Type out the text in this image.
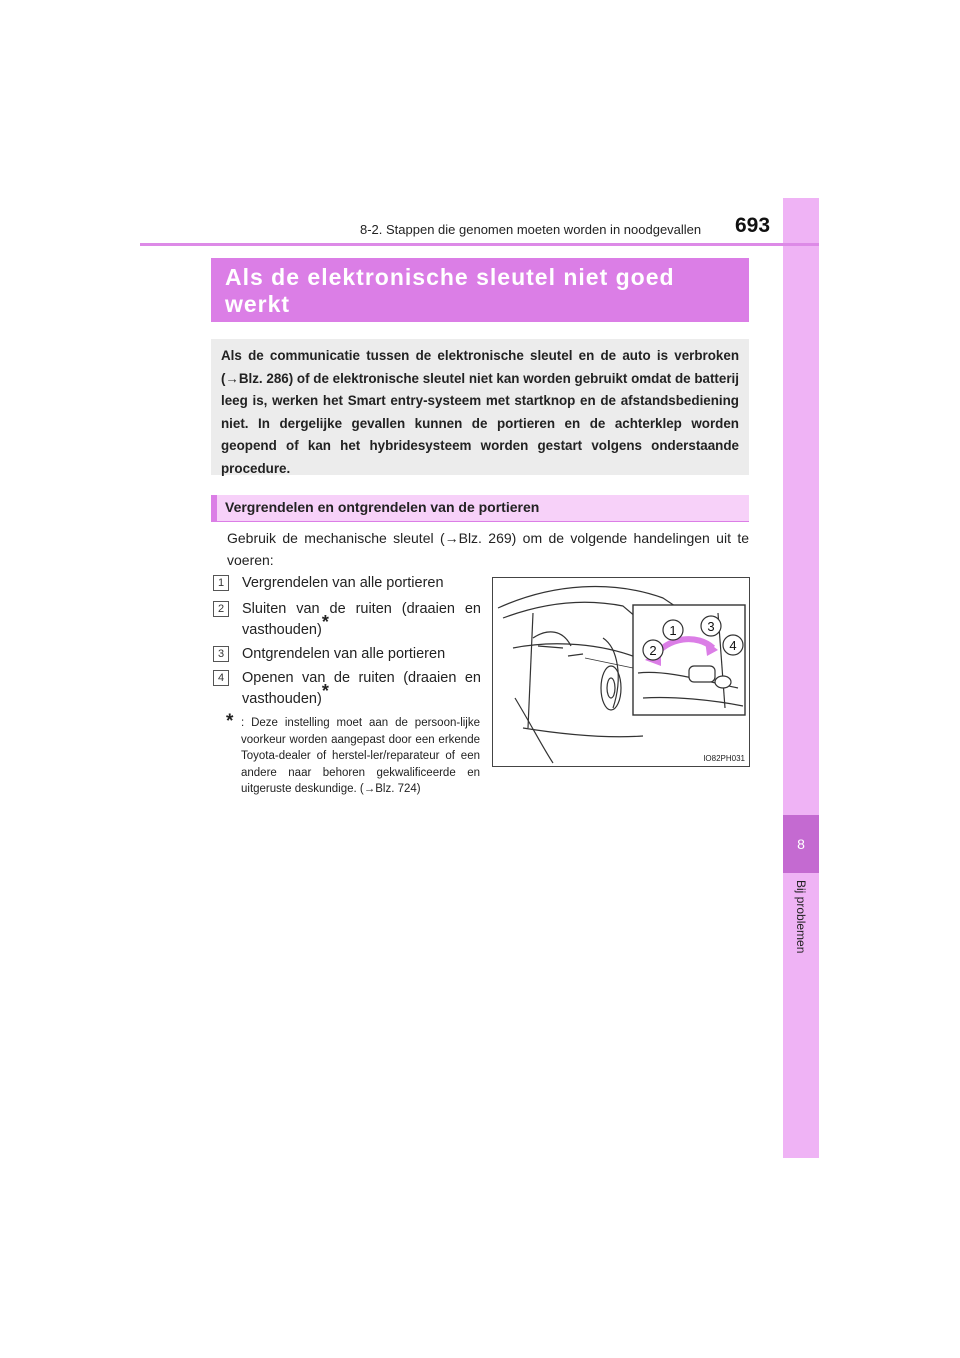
8
Bij problemen
8-2. Stappen die genomen moeten worden in noodgevallen 693
Als de elektronische sleutel niet goed werkt
Als de communicatie tussen de elektronische sleutel en de auto is verbroken (→Blz. 286) of de elektronische sleutel niet kan worden gebruikt omdat de batterij leeg is, werken het Smart entry-systeem met startknop en de afstandsbediening niet. In dergelijke gevallen kunnen de portieren en de achterklep worden geopend of kan het hybridesysteem worden gestart volgens onderstaande procedure.
Vergrendelen en ontgrendelen van de portieren
Gebruik de mechanische sleutel (→Blz. 269) om de volgende handelingen uit te voeren:
1	Vergrendelen van alle portieren
2	Sluiten van de ruiten (draaien en vasthouden)*
3	Ontgrendelen van alle portieren
4	Openen van de ruiten (draaien en vasthouden)*
* : Deze instelling moet aan de persoon-lijke voorkeur worden aangepast door een erkende Toyota-dealer of herstel-ler/reparateur of een andere naar behoren gekwalificeerde en uitgeruste deskundige. (→Blz. 724)
1 3
2	4
IO82PH031
